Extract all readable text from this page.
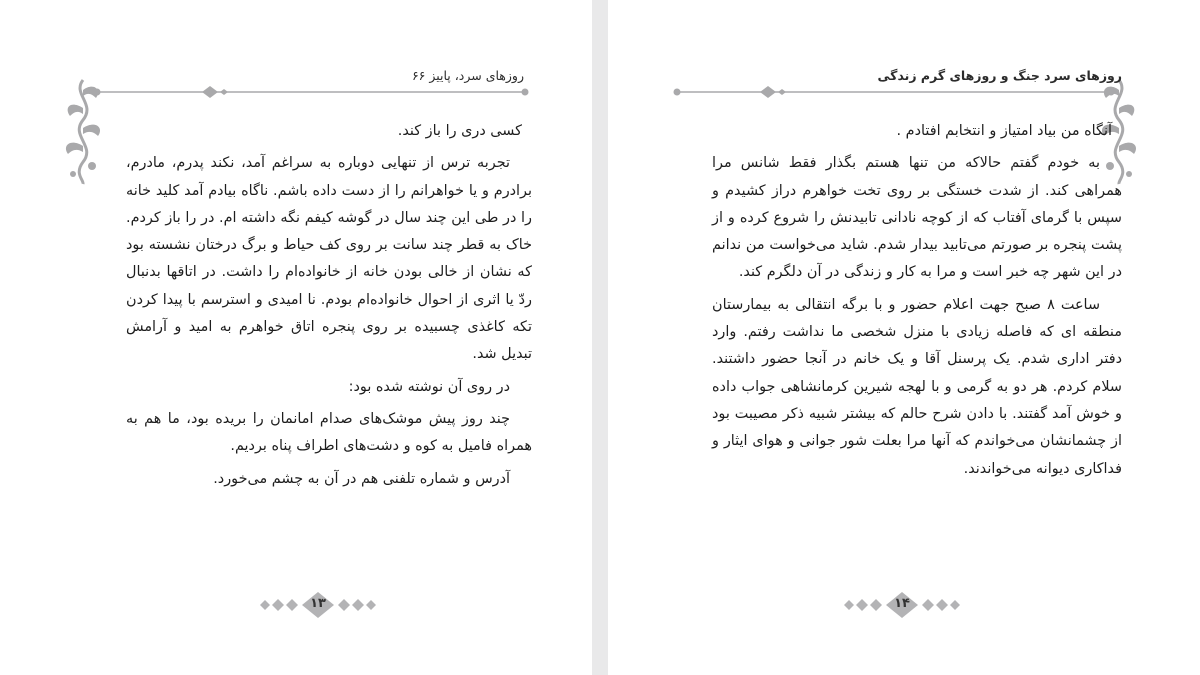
روزهای سرد، پاییز ۶۶

کسی دری را باز کند.

تجربه ترس از تنهایی دوباره به سراغم آمد، نکند پدرم، مادرم، برادرم و یا خواهرانم را از دست داده باشم. ناگاه بیادم آمد کلید خانه را در طی این چند سال در گوشه کیفم نگه داشته ام. در را باز کردم. خاک به قطر چند سانت بر روی کف حیاط و برگ درختان نشسته بود که نشان از خالی بودن خانه از خانواده‌ام را داشت. در اتاقها بدنبال ردّ یا اثری از احوال خانواده‌ام بودم. نا امیدی و استرسم با پیدا کردن تکه کاغذی چسبیده بر روی پنجره اتاق خواهرم به امید و آرامش تبدیل شد.

در روی آن نوشته شده بود:

چند روز پیش موشک‌های صدام امانمان را بریده بود، ما هم به همراه فامیل به کوه و دشت‌های اطراف پناه بردیم.

آدرس و شماره تلفنی هم در آن به چشم می‌خورد.

۱۳
روزهای سرد جنگ و روزهای گرم زندگی

آنگاه من بیاد امتیاز و انتخابم افتادم .

به خودم گفتم حالاکه من تنها هستم بگذار فقط شانس مرا همراهی کند. از شدت خستگی بر روی تخت خواهرم دراز کشیدم و سپس با گرمای آفتاب که از کوچه نادانی تابیدنش را شروع کرده و از پشت پنجره بر صورتم می‌تابید بیدار شدم. شاید می‌خواست من ندانم در این شهر چه خبر است و مرا به کار و زندگی در آن دلگرم کند.

ساعت ۸ صبح جهت اعلام حضور و با برگه انتقالی به بیمارستان منطقه ای که فاصله زیادی با منزل شخصی ما نداشت رفتم. وارد دفتر اداری شدم. یک پرسنل آقا و یک خانم در آنجا حضور داشتند. سلام کردم. هر دو به گرمی و با لهجه شیرین کرمانشاهی جواب داده و خوش آمد گفتند. با دادن شرح حالم که بیشتر شبیه ذکر مصیبت بود از چشمانشان می‌خواندم که آنها مرا بعلت شور جوانی و هوای ایثار و فداکاری دیوانه می‌خواندند.

۱۴
